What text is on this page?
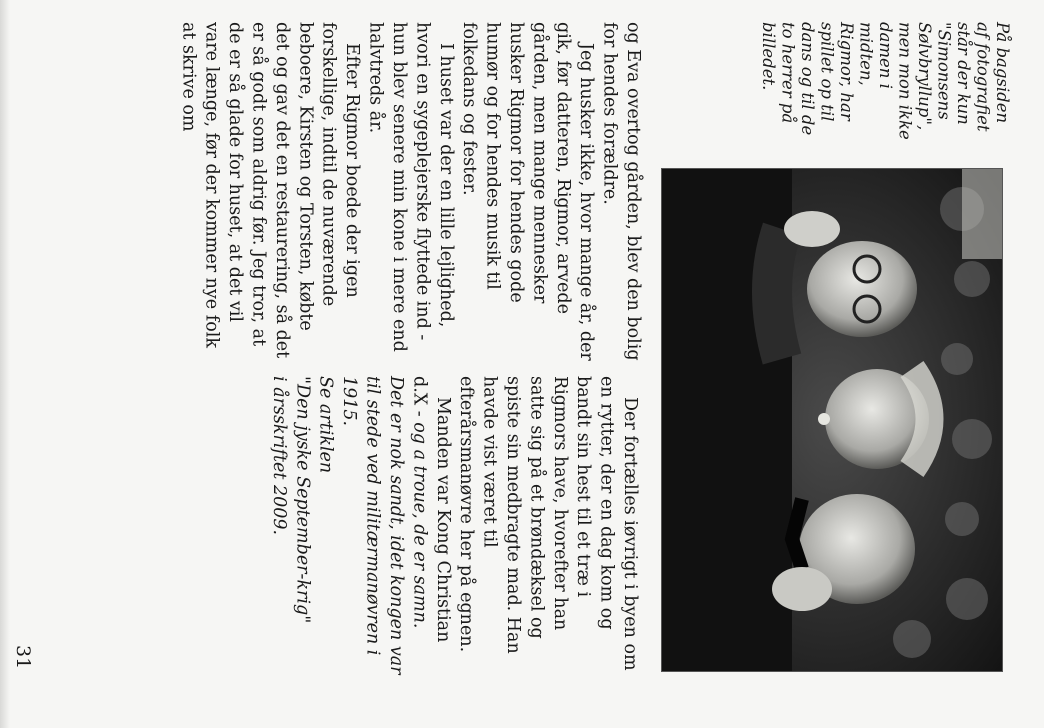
På bagsiden
af fotografiet
står der kun
"Simonsens
Sølvbryllup",
men mon ikke
damen i
midten,
Rigmor, har
spillet op til
dans og til de
to herrer på
billedet.

Der fortælles iøvrigt i byen om en rytter, der en dag kom og bandt sin hest til et træ i Rigmors have, hvorefter han satte sig på et brøndæksel og spiste sin medbragte mad. Han havde vist været til efterårsmanøvre her på egnen.

Manden var Kong Christian d.X - og a troue, de er samn.

Det er nok sandt, idet kongen var til stede ved militærmanøvren i 1915.

Se artiklen
"Den jyske September-krig"
i årsskriftet 2009.

og Eva overtog gården, blev den bolig for hendes forældre.

Jeg husker ikke, hvor mange år, der gik, før datteren, Rigmor, arvede gården, men mange mennesker husker Rigmor for hendes gode humør og for hendes musik til folkedans og fester.

I huset var der en lille lejlighed, hvori en sygeplejerske flyttede ind - hun blev senere min kone i mere end halvtreds år.

Efter Rigmor boede der igen forskellige, indtil de nuværende beboere, Kirsten og Torsten, købte det og gav det en restaurering, så det er så godt som aldrig før. Jeg tror, at de er så glade for huset, at det vil vare længe, før der kommer nye folk at skrive om

31
